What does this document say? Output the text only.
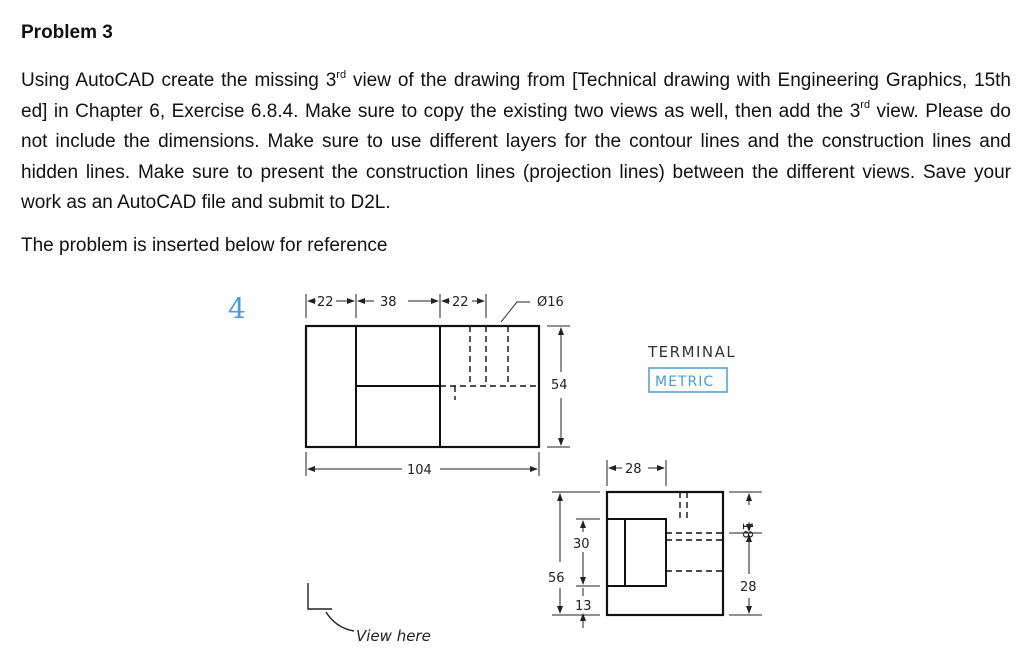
Problem 3

Using AutoCAD create the missing 3rd view of the drawing from [Technical drawing with Engineering Graphics, 15th ed] in Chapter 6, Exercise 6.8.4. Make sure to copy the existing two views as well, then add the 3rd view. Please do not include the dimensions. Make sure to use different layers for the contour lines and the construction lines and hidden lines. Make sure to present the construction lines (projection lines) between the different views. Save your work as an AutoCAD file and submit to D2L.

The problem is inserted below for reference

4	22	38	22	Ø16
54
104	28
56
30
13
18
28
TERMINAL
METRIC
View here
